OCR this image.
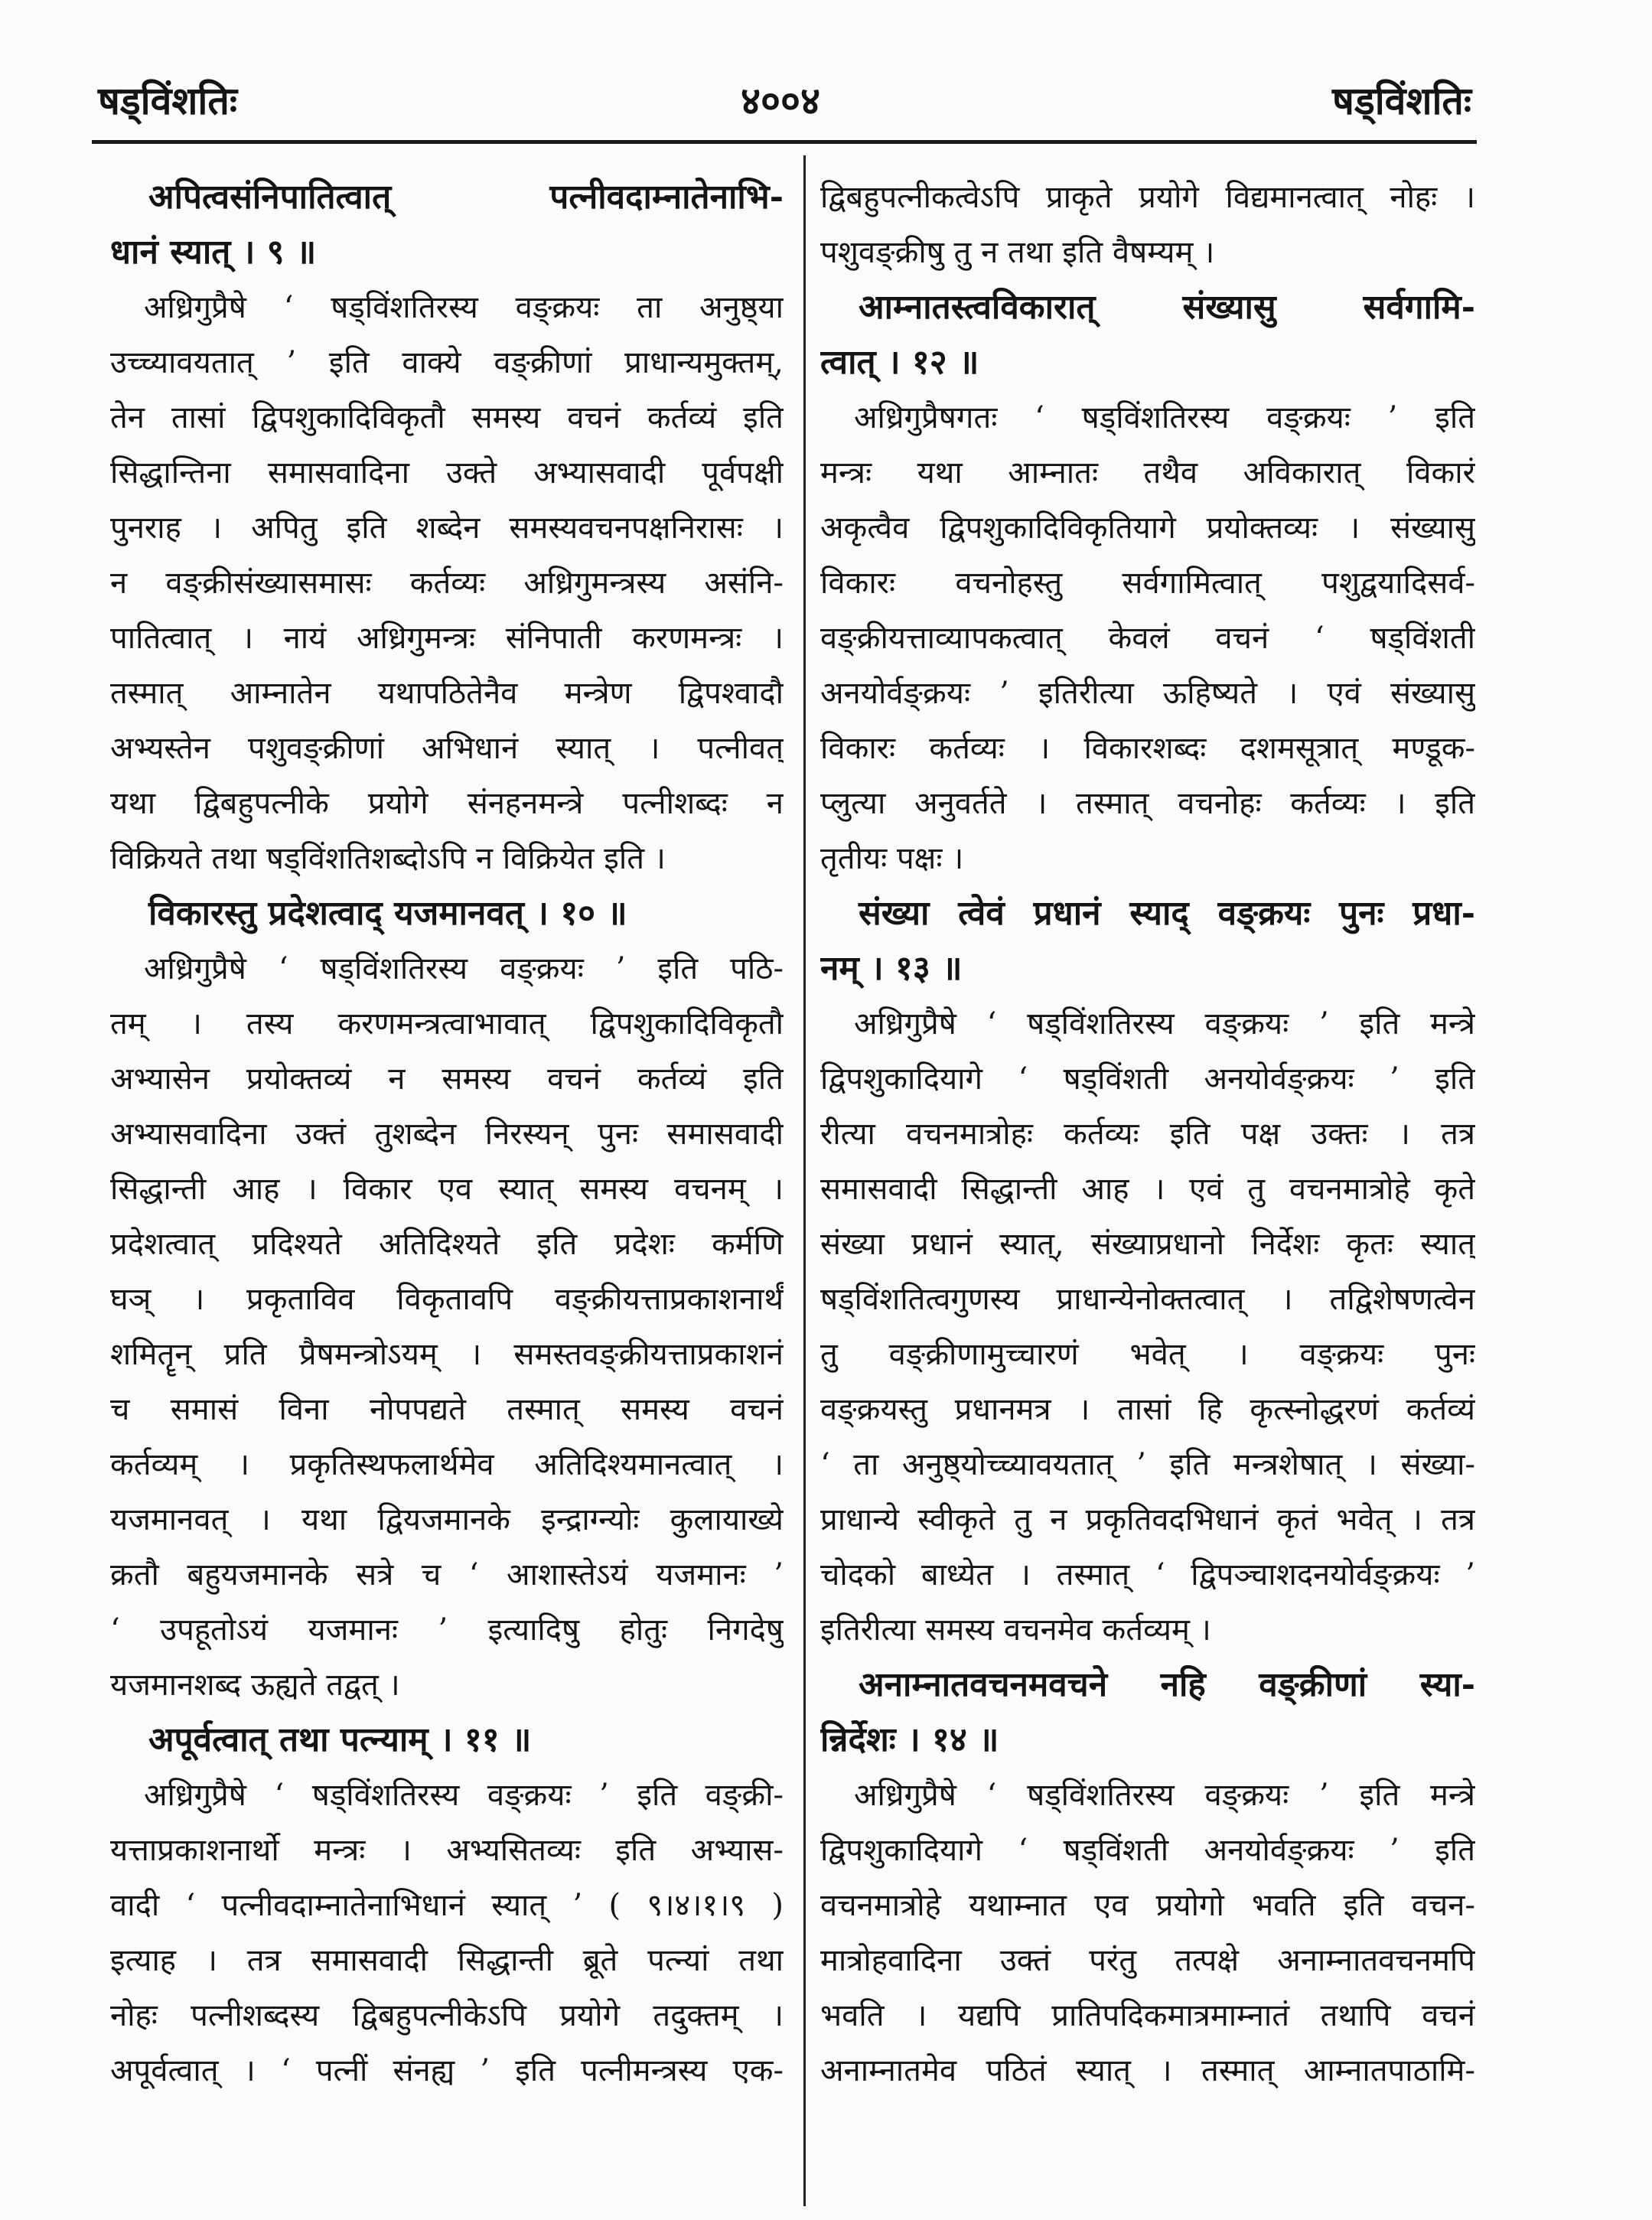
षड्विंशतिः	४००४	षड्विंशतिः
अपित्वसंनिपातित्वात् पत्नीवदाम्नातेनाभि-
धानं स्यात् । ९ ॥
अध्रिगुप्रैषे ‘ षड्विंशतिरस्य वङ्क्रयः ता अनुष्ठ्या
उच्च्यावयतात् ’ इति वाक्ये वङ्क्रीणां प्राधान्यमुक्तम्,
तेन तासां द्विपशुकादिविकृतौ समस्य वचनं कर्तव्यं इति
सिद्धान्तिना समासवादिना उक्ते अभ्यासवादी पूर्वपक्षी
पुनराह । अपितु इति शब्देन समस्यवचनपक्षनिरासः ।
न वङ्क्रीसंख्यासमासः कर्तव्यः अध्रिगुमन्त्रस्य असंनि-
पातित्वात् । नायं अध्रिगुमन्त्रः संनिपाती करणमन्त्रः ।
तस्मात् आम्नातेन यथापठितेनैव मन्त्रेण द्विपश्वादौ
अभ्यस्तेन पशुवङ्क्रीणां अभिधानं स्यात् । पत्नीवत्
यथा द्विबहुपत्नीके प्रयोगे संनहनमन्त्रे पत्नीशब्दः न
विक्रियते तथा षड्विंशतिशब्दोऽपि न विक्रियेत इति ।
विकारस्तु प्रदेशत्वाद् यजमानवत् । १० ॥
अध्रिगुप्रैषे ‘ षड्विंशतिरस्य वङ्क्रयः ’ इति पठि-
तम् । तस्य करणमन्त्रत्वाभावात् द्विपशुकादिविकृतौ
अभ्यासेन प्रयोक्तव्यं न समस्य वचनं कर्तव्यं इति
अभ्यासवादिना उक्तं तुशब्देन निरस्यन् पुनः समासवादी
सिद्धान्ती आह । विकार एव स्यात् समस्य वचनम् ।
प्रदेशत्वात् प्रदिश्यते अतिदिश्यते इति प्रदेशः कर्मणि
घञ् । प्रकृताविव विकृतावपि वङ्क्रीयत्ताप्रकाशनार्थं
शमितॄन् प्रति प्रैषमन्त्रोऽयम् । समस्तवङ्क्रीयत्ताप्रकाशनं
च समासं विना नोपपद्यते तस्मात् समस्य वचनं
कर्तव्यम् । प्रकृतिस्थफलार्थमेव अतिदिश्यमानत्वात् ।
यजमानवत् । यथा द्वियजमानके इन्द्राग्न्योः कुलायाख्ये
क्रतौ बहुयजमानके सत्रे च ‘ आशास्तेऽयं यजमानः ’
‘ उपहूतोऽयं यजमानः ’ इत्यादिषु होतुः निगदेषु
यजमानशब्द ऊह्यते तद्वत् ।
अपूर्वत्वात् तथा पत्न्याम् । ११ ॥
अध्रिगुप्रैषे ‘ षड्विंशतिरस्य वङ्क्रयः ’ इति वङ्क्री-
यत्ताप्रकाशनार्थो मन्त्रः । अभ्यसितव्यः इति अभ्यास-
वादी ‘ पत्नीवदाम्नातेनाभिधानं स्यात् ’ ( ९।४।१।९ )
इत्याह । तत्र समासवादी सिद्धान्ती ब्रूते पत्न्यां तथा
नोहः पत्नीशब्दस्य द्विबहुपत्नीकेऽपि प्रयोगे तदुक्तम् ।
अपूर्वत्वात् । ‘ पत्नीं संनह्य ’ इति पत्नीमन्त्रस्य एक-
द्विबहुपत्नीकत्वेऽपि प्राकृते प्रयोगे विद्यमानत्वात् नोहः ।
पशुवङ्क्रीषु तु न तथा इति वैषम्यम् ।
आम्नातस्त्वविकारात् संख्यासु सर्वगामि-
त्वात् । १२ ॥
अध्रिगुप्रैषगतः ‘ षड्विंशतिरस्य वङ्क्रयः ’ इति
मन्त्रः यथा आम्नातः तथैव अविकारात् विकारं
अकृत्वैव द्विपशुकादिविकृतियागे प्रयोक्तव्यः । संख्यासु
विकारः वचनोहस्तु सर्वगामित्वात् पशुद्वयादिसर्व-
वङ्क्रीयत्ताव्यापकत्वात् केवलं वचनं ‘ षड्विंशती
अनयोर्वङ्क्रयः ’ इतिरीत्या ऊहिष्यते । एवं संख्यासु
विकारः कर्तव्यः । विकारशब्दः दशमसूत्रात् मण्डूक-
प्लुत्या अनुवर्तते । तस्मात् वचनोहः कर्तव्यः । इति
तृतीयः पक्षः ।
संख्या त्वेवं प्रधानं स्याद् वङ्क्रयः पुनः प्रधा-
नम् । १३ ॥
अध्रिगुप्रैषे ‘ षड्विंशतिरस्य वङ्क्रयः ’ इति मन्त्रे
द्विपशुकादियागे ‘ षड्विंशती अनयोर्वङ्क्रयः ’ इति
रीत्या वचनमात्रोहः कर्तव्यः इति पक्ष उक्तः । तत्र
समासवादी सिद्धान्ती आह । एवं तु वचनमात्रोहे कृते
संख्या प्रधानं स्यात्, संख्याप्रधानो निर्देशः कृतः स्यात्
षड्विंशतित्वगुणस्य प्राधान्येनोक्तत्वात् । तद्विशेषणत्वेन
तु वङ्क्रीणामुच्चारणं भवेत् । वङ्क्रयः पुनः
वङ्क्रयस्तु प्रधानमत्र । तासां हि कृत्स्नोद्धरणं कर्तव्यं
‘ ता अनुष्ठ्योच्च्यावयतात् ’ इति मन्त्रशेषात् । संख्या-
प्राधान्ये स्वीकृते तु न प्रकृतिवदभिधानं कृतं भवेत् । तत्र
चोदको बाध्येत । तस्मात् ‘ द्विपञ्चाशदनयोर्वङ्क्रयः ’
इतिरीत्या समस्य वचनमेव कर्तव्यम् ।
अनाम्नातवचनमवचने नहि वङ्क्रीणां स्या-
न्निर्देशः । १४ ॥
अध्रिगुप्रैषे ‘ षड्विंशतिरस्य वङ्क्रयः ’ इति मन्त्रे
द्विपशुकादियागे ‘ षड्विंशती अनयोर्वङ्क्रयः ’ इति
वचनमात्रोहे यथाम्नात एव प्रयोगो भवति इति वचन-
मात्रोहवादिना उक्तं परंतु तत्पक्षे अनाम्नातवचनमपि
भवति । यद्यपि प्रातिपदिकमात्रमाम्नातं तथापि वचनं
अनाम्नातमेव पठितं स्यात् । तस्मात् आम्नातपाठामि-
